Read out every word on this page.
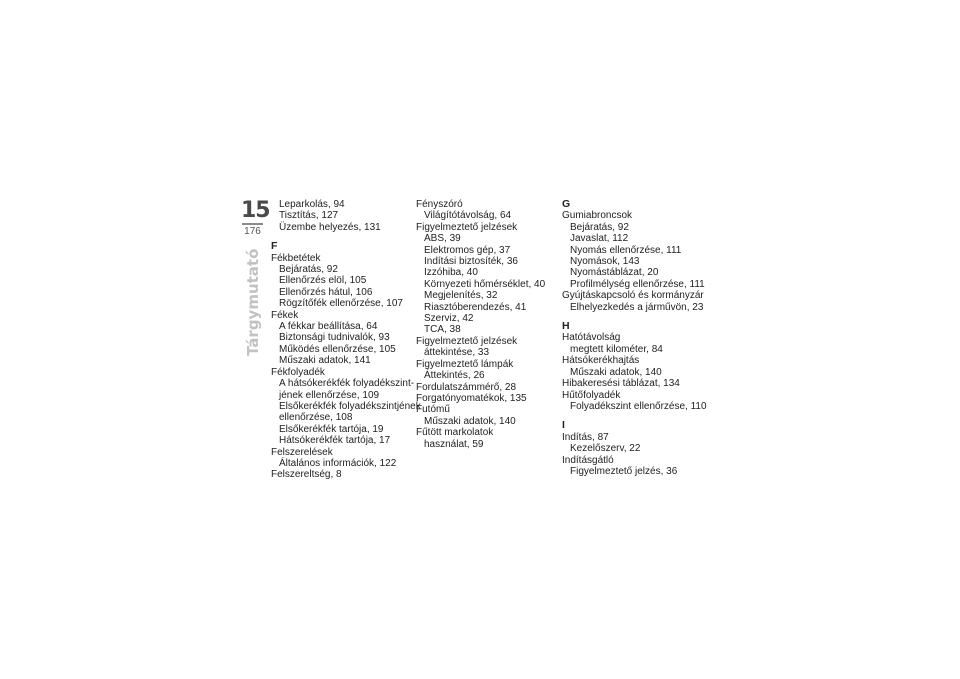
15
176
Tárgymutató
Leparkolás, 94
Tisztítás, 127
Üzembe helyezés, 131
F
Fékbetétek
Bejáratás, 92
Ellenőrzés elöl, 105
Ellenőrzés hátul, 106
Rögzítőfék ellenőrzése, 107
Fékek
A fékkar beállítása, 64
Biztonsági tudnivalók, 93
Működés ellenőrzése, 105
Műszaki adatok, 141
Fékfolyadék
A hátsókerékfék folyadékszint-
jének ellenőrzése, 109
Elsőkerékfék folyadékszintjének
ellenőrzése, 108
Elsőkerékfék tartója, 19
Hátsókerékfék tartója, 17
Felszerelések
Általános információk, 122
Felszereltség, 8
Fényszóró
Világítótávolság, 64
Figyelmeztető jelzések
ABS, 39
Elektromos gép, 37
Indítási biztosíték, 36
Izzóhiba, 40
Környezeti hőmérséklet, 40
Megjelenítés, 32
Riasztóberendezés, 41
Szerviz, 42
TCA, 38
Figyelmeztető jelzések
áttekintése, 33
Figyelmeztető lámpák
Áttekintés, 26
Fordulatszámmérő, 28
Forgatónyomatékok, 135
Futómű
Műszaki adatok, 140
Fűtött markolatok
használat, 59
G
Gumiabroncsok
Bejáratás, 92
Javaslat, 112
Nyomás ellenőrzése, 111
Nyomások, 143
Nyomástáblázat, 20
Profilmélység ellenőrzése, 111
Gyújtáskapcsoló és kormányzár
Elhelyezkedés a járművön, 23
H
Hatótávolság
megtett kilométer, 84
Hátsókerékhajtás
Műszaki adatok, 140
Hibakeresési táblázat, 134
Hűtőfolyadék
Folyadékszint ellenőrzése, 110
I
Indítás, 87
Kezelőszerv, 22
Indításgátló
Figyelmeztető jelzés, 36
